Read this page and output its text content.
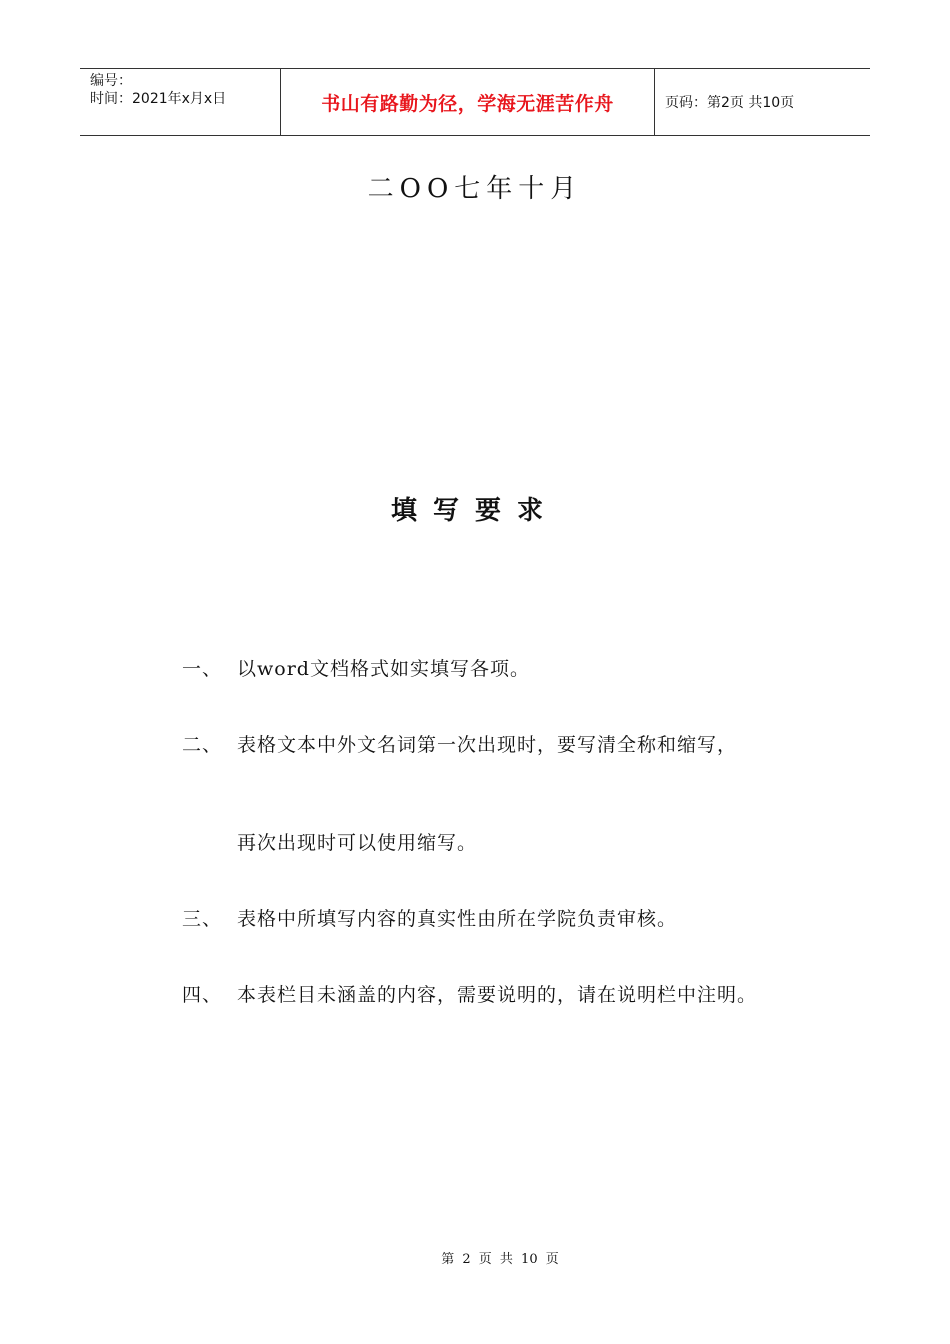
编号：
时间：2021年x月x日	书山有路勤为径，学海无涯苦作舟	页码：第2页 共10页
二OO七年十月
填写要求
一、 以word文档格式如实填写各项。
二、 表格文本中外文名词第一次出现时，要写清全称和缩写，
再次出现时可以使用缩写。
三、 表格中所填写内容的真实性由所在学院负责审核。
四、 本表栏目未涵盖的内容，需要说明的，请在说明栏中注明。
第 2 页 共 10 页
